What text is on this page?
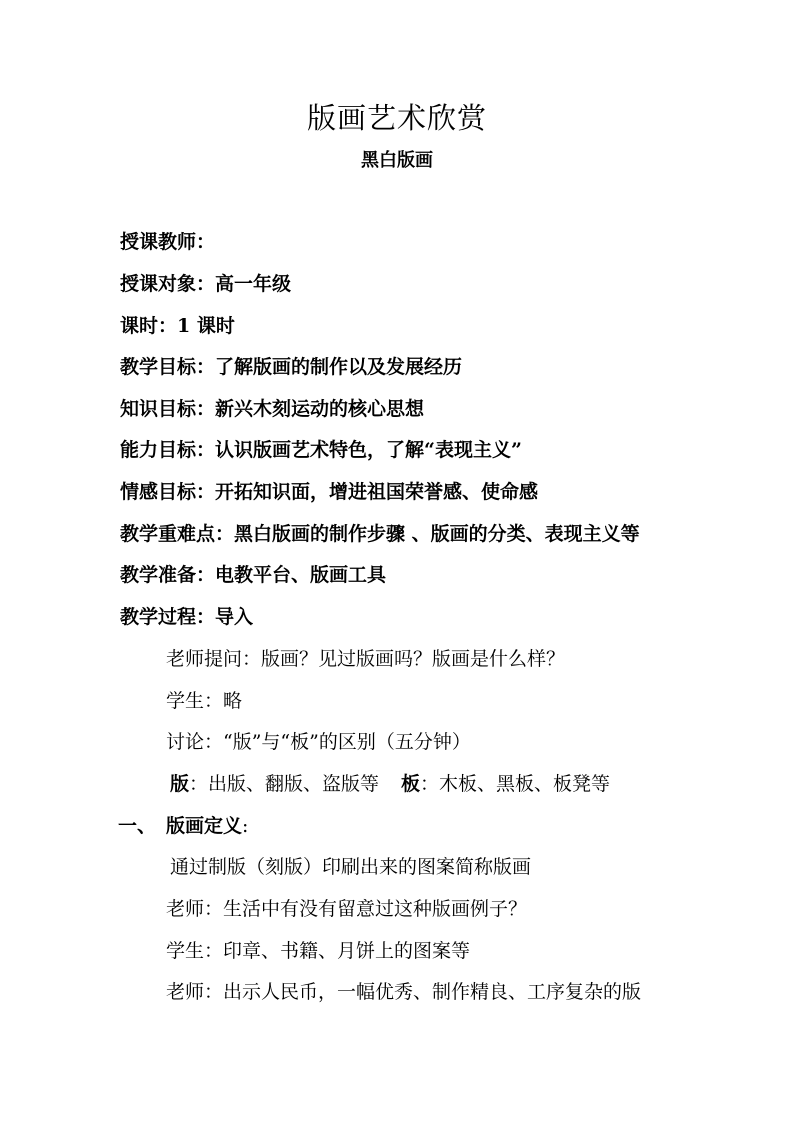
版画艺术欣赏
黑白版画
授课教师：
授课对象：高一年级
课时：1 课时
教学目标：了解版画的制作以及发展经历
知识目标：新兴木刻运动的核心思想
能力目标：认识版画艺术特色，了解“表现主义”
情感目标：开拓知识面，增进祖国荣誉感、使命感
教学重难点：黑白版画的制作步骤 、版画的分类、表现主义等
教学准备：电教平台、版画工具
教学过程：导入
老师提问：版画？见过版画吗？版画是什么样？
学生：略
讨论：“版”与“板”的区别（五分钟）
版：出版、翻版、盗版等 板：木板、黑板、板凳等
一、 版画定义:
通过制版（刻版）印刷出来的图案简称版画
老师：生活中有没有留意过这种版画例子？
学生：印章、书籍、月饼上的图案等
老师：出示人民币，一幅优秀、制作精良、工序复杂的版
